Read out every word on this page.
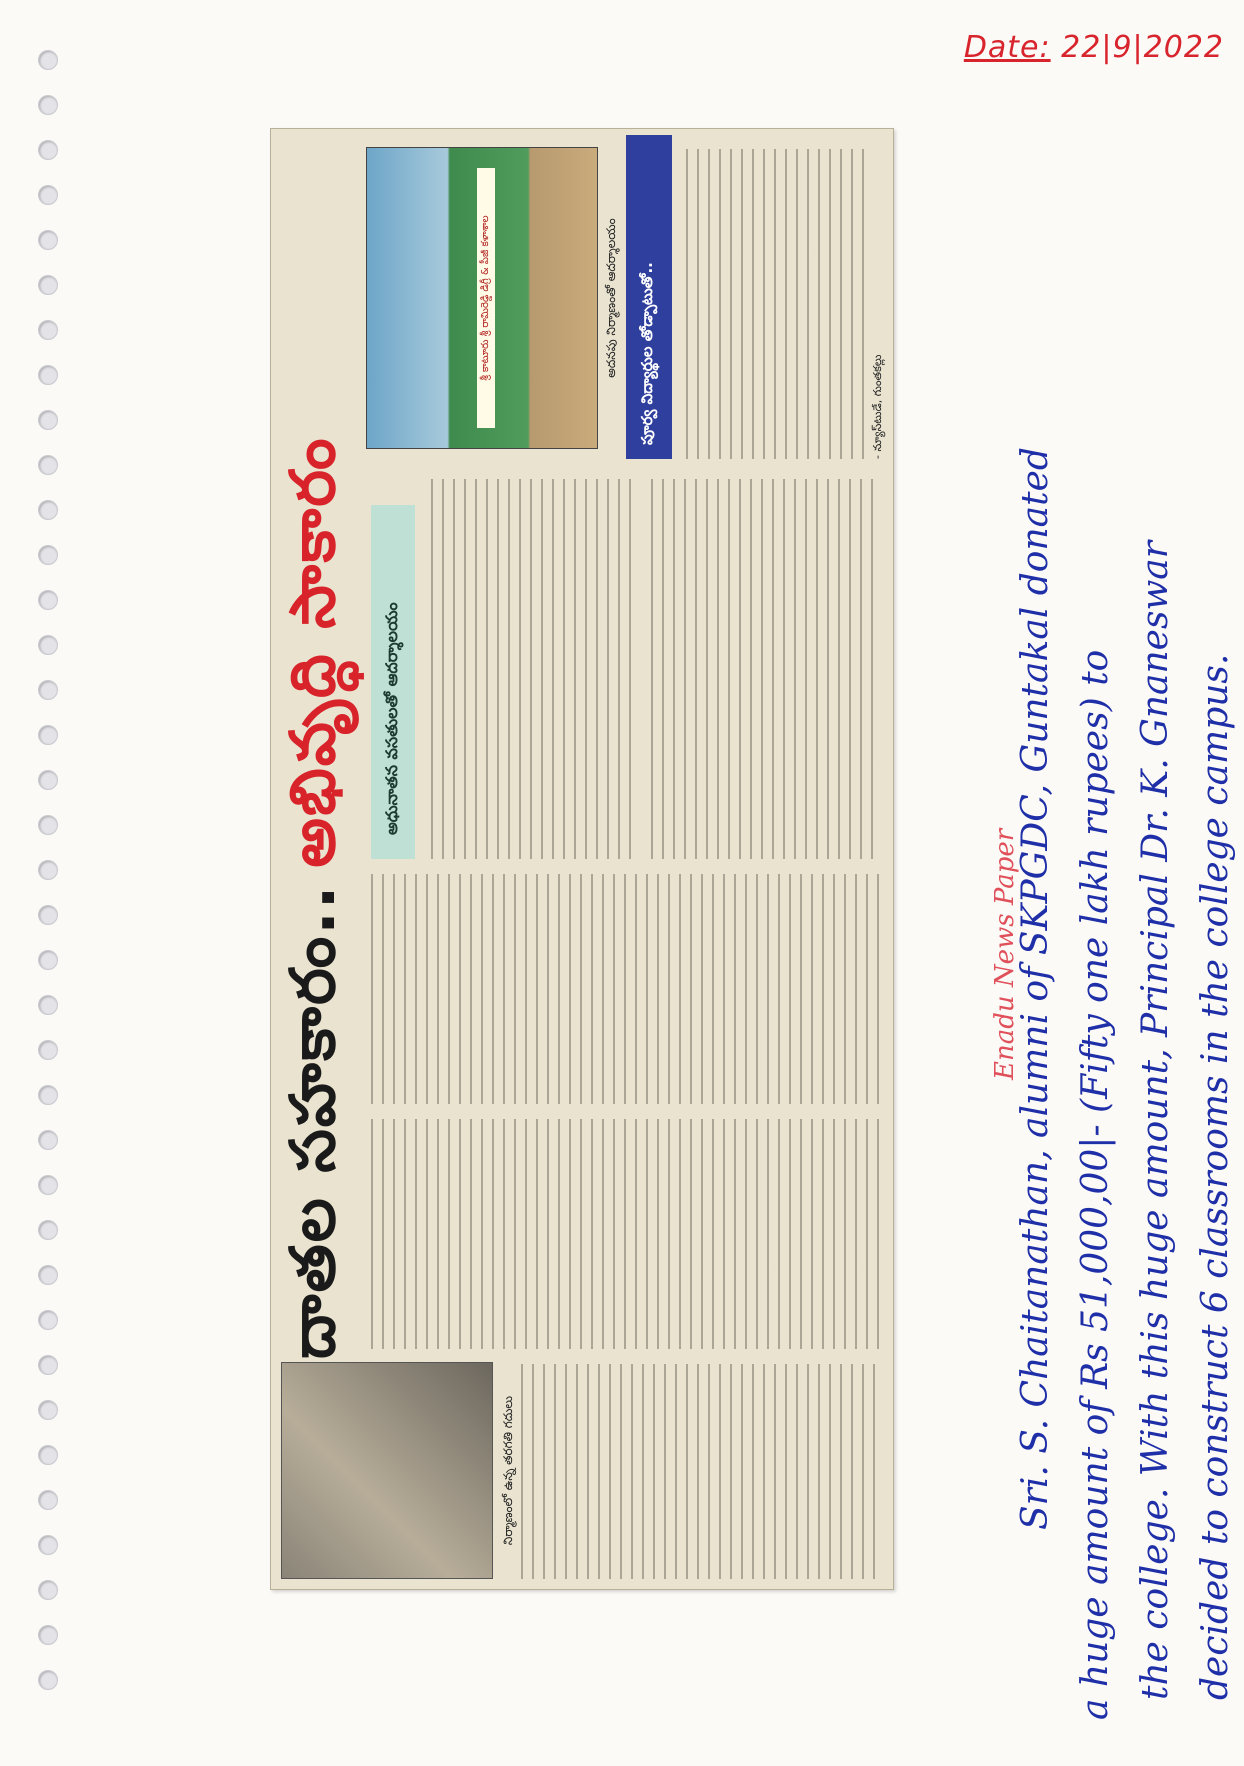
Date: 22|9|2022
నిర్మాణంలో ఉన్న తరగతి గదులు
దాతల సహకారం..
అభివృద్ధి సాకారం	అధునాతన వసతులతో ఆదర్శాలయం
శ్రీ కాటూరు శ్రీ రామిరెడ్డి డిగ్రీ & పీజీ కళాశాల	అదనపు నిర్మాణంతో ఆదర్శాలయం	పూర్వ విద్యార్థుల తోడ్పాటుతో..	- న్యూస్‌టుడే, గుంతకల్లు
Enadu News Paper
Sri. S. Chaitanathan, alumni of SKPGDC, Guntakal donated a huge amount of Rs 51,000,00|- (Fifty one lakh rupees) to the college. With this huge amount, Principal Dr. K. Gnaneswar decided to construct 6 classrooms in the college campus.
